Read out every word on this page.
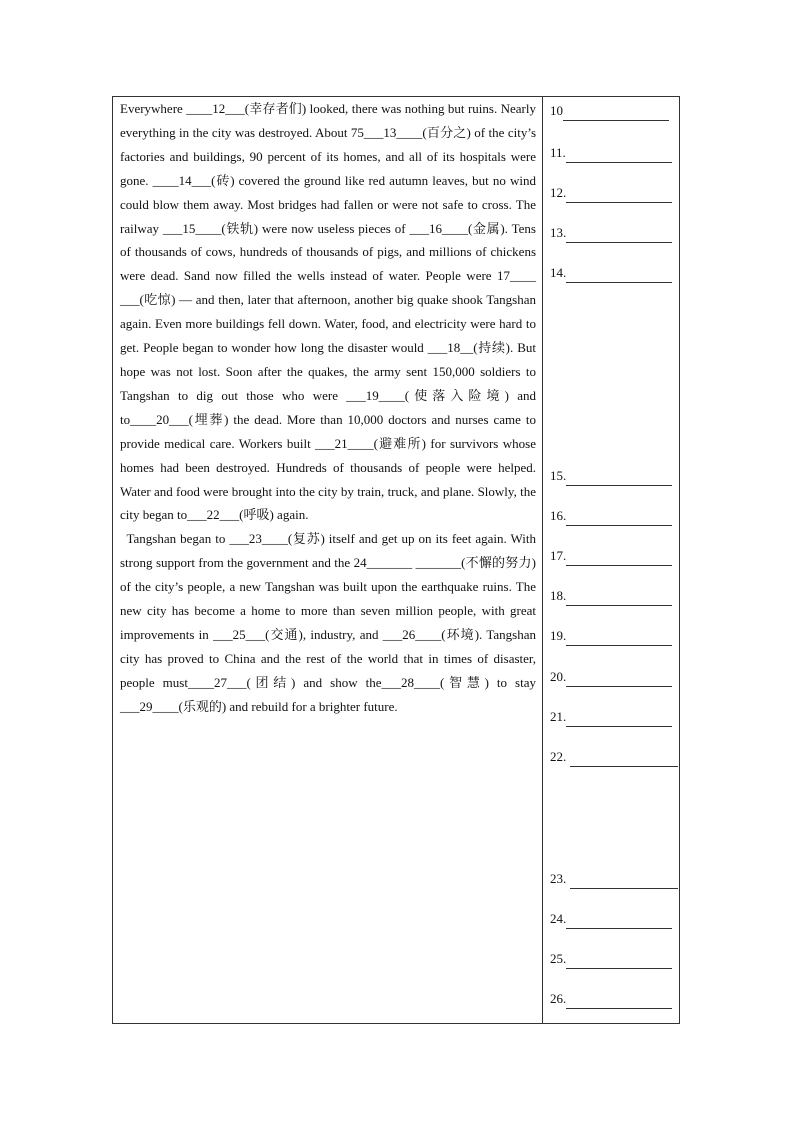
Everywhere ____12___(幸存者们) looked, there was nothing but ruins. Nearly everything in the city was destroyed. About 75___13____(百分之) of the city’s factories and buildings, 90 percent of its homes, and all of its hospitals were gone. ____14___(砖) covered the ground like red autumn leaves, but no wind could blow them away. Most bridges had fallen or were not safe to cross. The railway ___15____(铁轨) were now useless pieces of ___16____(金属). Tens of thousands of cows, hundreds of thousands of pigs, and millions of chickens were dead. Sand now filled the wells instead of water. People were 17____ ___(吃惊) — and then, later that afternoon, another big quake shook Tangshan again. Even more buildings fell down. Water, food, and electricity were hard to get. People began to wonder how long the disaster would ___18__(持续). But hope was not lost. Soon after the quakes, the army sent 150,000 soldiers to Tangshan to dig out those who were ___19____(使落入险境) and to____20___(埋葬) the dead. More than 10,000 doctors and nurses came to provide medical care. Workers built ___21____(避难所) for survivors whose homes had been destroyed. Hundreds of thousands of people were helped. Water and food were brought into the city by train, truck, and plane. Slowly, the city began to___22___(呼吸) again.

Tangshan began to ___23____(复苏) itself and get up on its feet again. With strong support from the government and the 24_______ _______(不懈的努力) of the city’s people, a new Tangshan was built upon the earthquake ruins. The new city has become a home to more than seven million people, with great improvements in ___25___(交通), industry, and ___26____(环境). Tangshan city has proved to China and the rest of the world that in times of disaster, people must____27___(团结) and show the___28____(智慧) to stay ___29____(乐观的) and rebuild for a brighter future.

10
11.
12.
13.
14.
15.
16.
17.
18.
19.
20.
21.
22.
23.
24.
25.
26.
